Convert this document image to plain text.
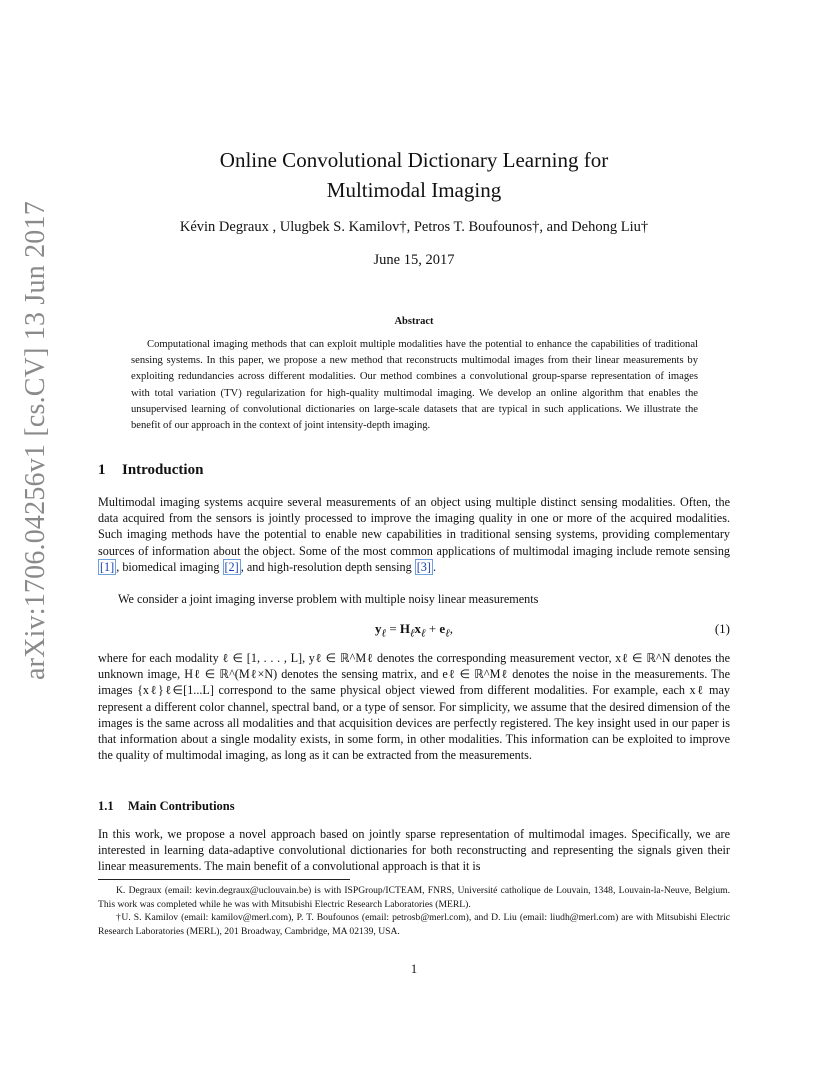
arXiv:1706.04256v1 [cs.CV] 13 Jun 2017
Online Convolutional Dictionary Learning for
Multimodal Imaging
Kévin Degraux , Ulugbek S. Kamilov†, Petros T. Boufounos†, and Dehong Liu†
June 15, 2017
Abstract
Computational imaging methods that can exploit multiple modalities have the potential to enhance the capabilities of traditional sensing systems. In this paper, we propose a new method that reconstructs multimodal images from their linear measurements by exploiting redundancies across different modalities. Our method combines a convolutional group-sparse representation of images with total variation (TV) regularization for high-quality multimodal imaging. We develop an online algorithm that enables the unsupervised learning of convolutional dictionaries on large-scale datasets that are typical in such applications. We illustrate the benefit of our approach in the context of joint intensity-depth imaging.
1 Introduction

Multimodal imaging systems acquire several measurements of an object using multiple distinct sensing modalities. Often, the data acquired from the sensors is jointly processed to improve the imaging quality in one or more of the acquired modalities. Such imaging methods have the potential to enable new capabilities in traditional sensing systems, providing complementary sources of information about the object. Some of the most common applications of multimodal imaging include remote sensing [1] , biomedical imaging [2] , and high-resolution depth sensing [3] .

We consider a joint imaging inverse problem with multiple noisy linear measurements

$y_\ell = H_\ell x_\ell + e_\ell$,	(1)

where for each modality ℓ ∈ [1, . . . , L], yℓ ∈ ℝ^Mℓ denotes the corresponding measurement vector, xℓ ∈ ℝ^N denotes the unknown image, Hℓ ∈ ℝ^(Mℓ×N) denotes the sensing matrix, and eℓ ∈ ℝ^Mℓ denotes the noise in the measurements. The images {xℓ}ℓ∈[1...L] correspond to the same physical object viewed from different modalities. For example, each xℓ may represent a different color channel, spectral band, or a type of sensor. For simplicity, we assume that the desired dimension of the images is the same across all modalities and that acquisition devices are perfectly registered. The key insight used in our paper is that information about a single modality exists, in some form, in other modalities. This information can be exploited to improve the quality of multimodal imaging, as long as it can be extracted from the measurements.

1.1 Main Contributions

In this work, we propose a novel approach based on jointly sparse representation of multimodal images. Specifically, we are interested in learning data-adaptive convolutional dictionaries for both reconstructing and representing the signals given their linear measurements. The main benefit of a convolutional approach is that it is

K. Degraux (email: kevin.degraux@uclouvain.be) is with ISPGroup/ICTEAM, FNRS, Université catholique de Louvain, 1348, Louvain-la-Neuve, Belgium. This work was completed while he was with Mitsubishi Electric Research Laboratories (MERL).

†U. S. Kamilov (email: kamilov@merl.com), P. T. Boufounos (email: petrosb@merl.com), and D. Liu (email: liudh@merl.com) are with Mitsubishi Electric Research Laboratories (MERL), 201 Broadway, Cambridge, MA 02139, USA.

1
